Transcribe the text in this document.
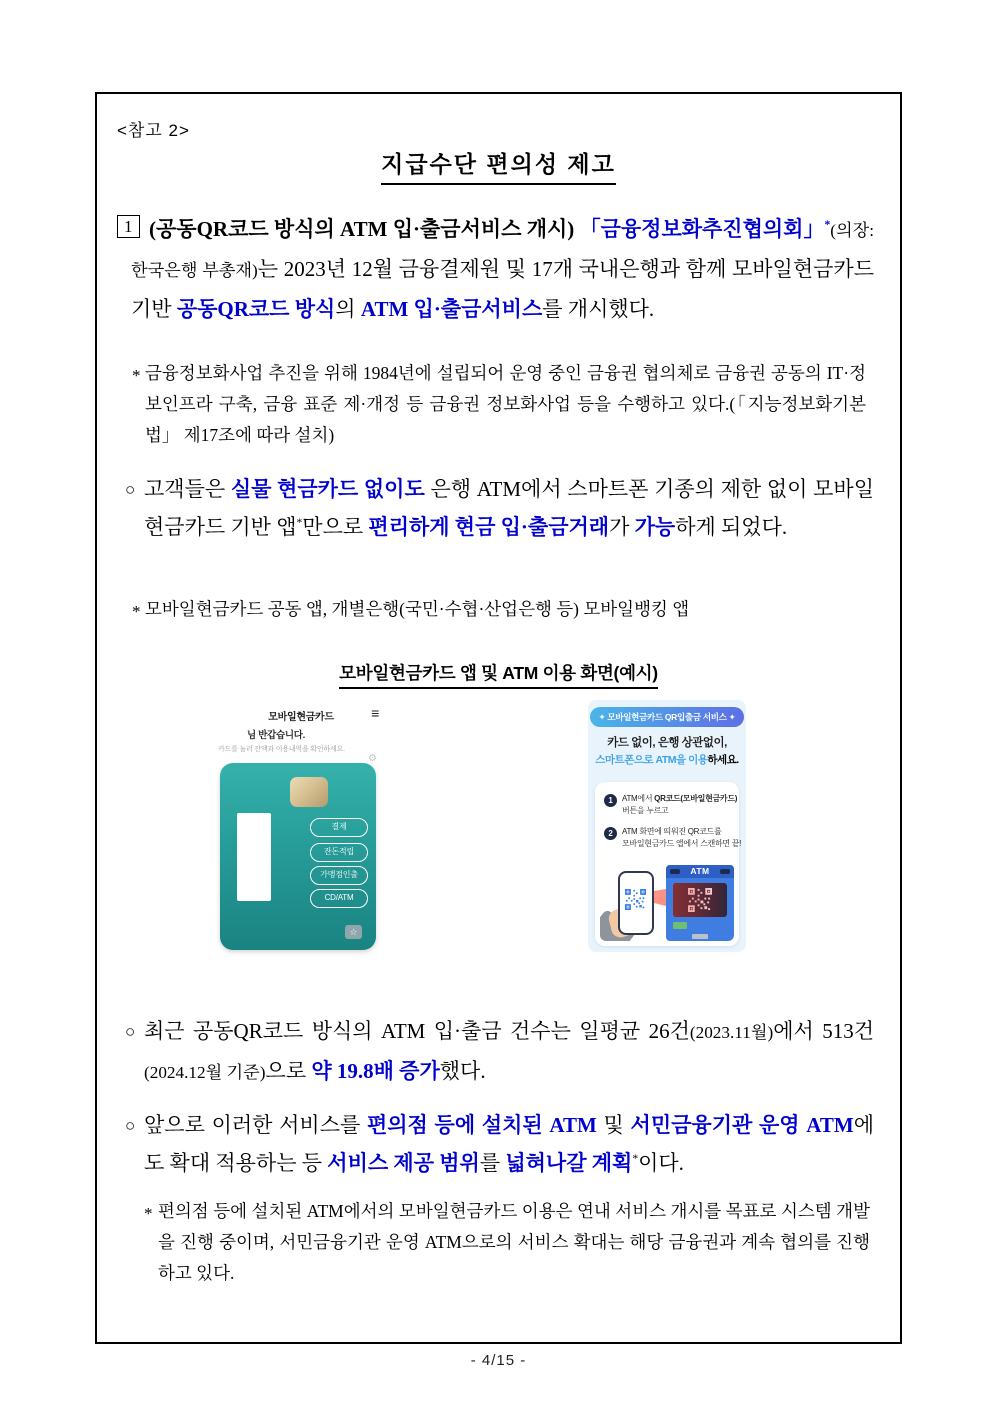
<참고 2>
지급수단 편의성 제고
1 (공동QR코드 방식의 ATM 입·출금서비스 개시) 「금융정보화추진협의회」*(의장: 한국은행 부총재)는 2023년 12월 금융결제원 및 17개 국내은행과 함께 모바일현금카드 기반 공동QR코드 방식의 ATM 입·출금서비스를 개시했다.
* 금융정보화사업 추진을 위해 1984년에 설립되어 운영 중인 금융권 협의체로 금융권 공동의 IT·정보인프라 구축, 금융 표준 제·개정 등 금융권 정보화사업 등을 수행하고 있다.(「지능정보화기본법」 제17조에 따라 설치)
○ 고객들은 실물 현금카드 없이도 은행 ATM에서 스마트폰 기종의 제한 없이 모바일현금카드 기반 앱*만으로 편리하게 현금 입·출금거래가 가능하게 되었다.
* 모바일현금카드 공동 앱, 개별은행(국민·수협·산업은행 등) 모바일뱅킹 앱
모바일현금카드 앱 및 ATM 이용 화면(예시)
모바일현금카드	≡
님 반갑습니다.
카드를 눌러 잔액과 이용내역을 확인하세요.
⚙
결제
잔돈적립
가맹점인출
CD/ATM
☆
✦ 모바일현금카드 QR입출금 서비스 ✦
카드 없이, 은행 상관없이,
스마트폰으로 ATM을 이용하세요.
1	ATM에서 QR코드(모바일현금카드)
버튼을 누르고
2	ATM 화면에 띄워진 QR코드를
모바일현금카드 앱에서 스캔하면 끝!
ATM
○ 최근 공동QR코드 방식의 ATM 입·출금 건수는 일평균 26건(2023.11월)에서 513건(2024.12월 기준)으로 약 19.8배 증가했다.
○ 앞으로 이러한 서비스를 편의점 등에 설치된 ATM 및 서민금융기관 운영 ATM에도 확대 적용하는 등 서비스 제공 범위를 넓혀나갈 계획*이다.
* 편의점 등에 설치된 ATM에서의 모바일현금카드 이용은 연내 서비스 개시를 목표로 시스템 개발을 진행 중이며, 서민금융기관 운영 ATM으로의 서비스 확대는 해당 금융권과 계속 협의를 진행하고 있다.
- 4/15 -
